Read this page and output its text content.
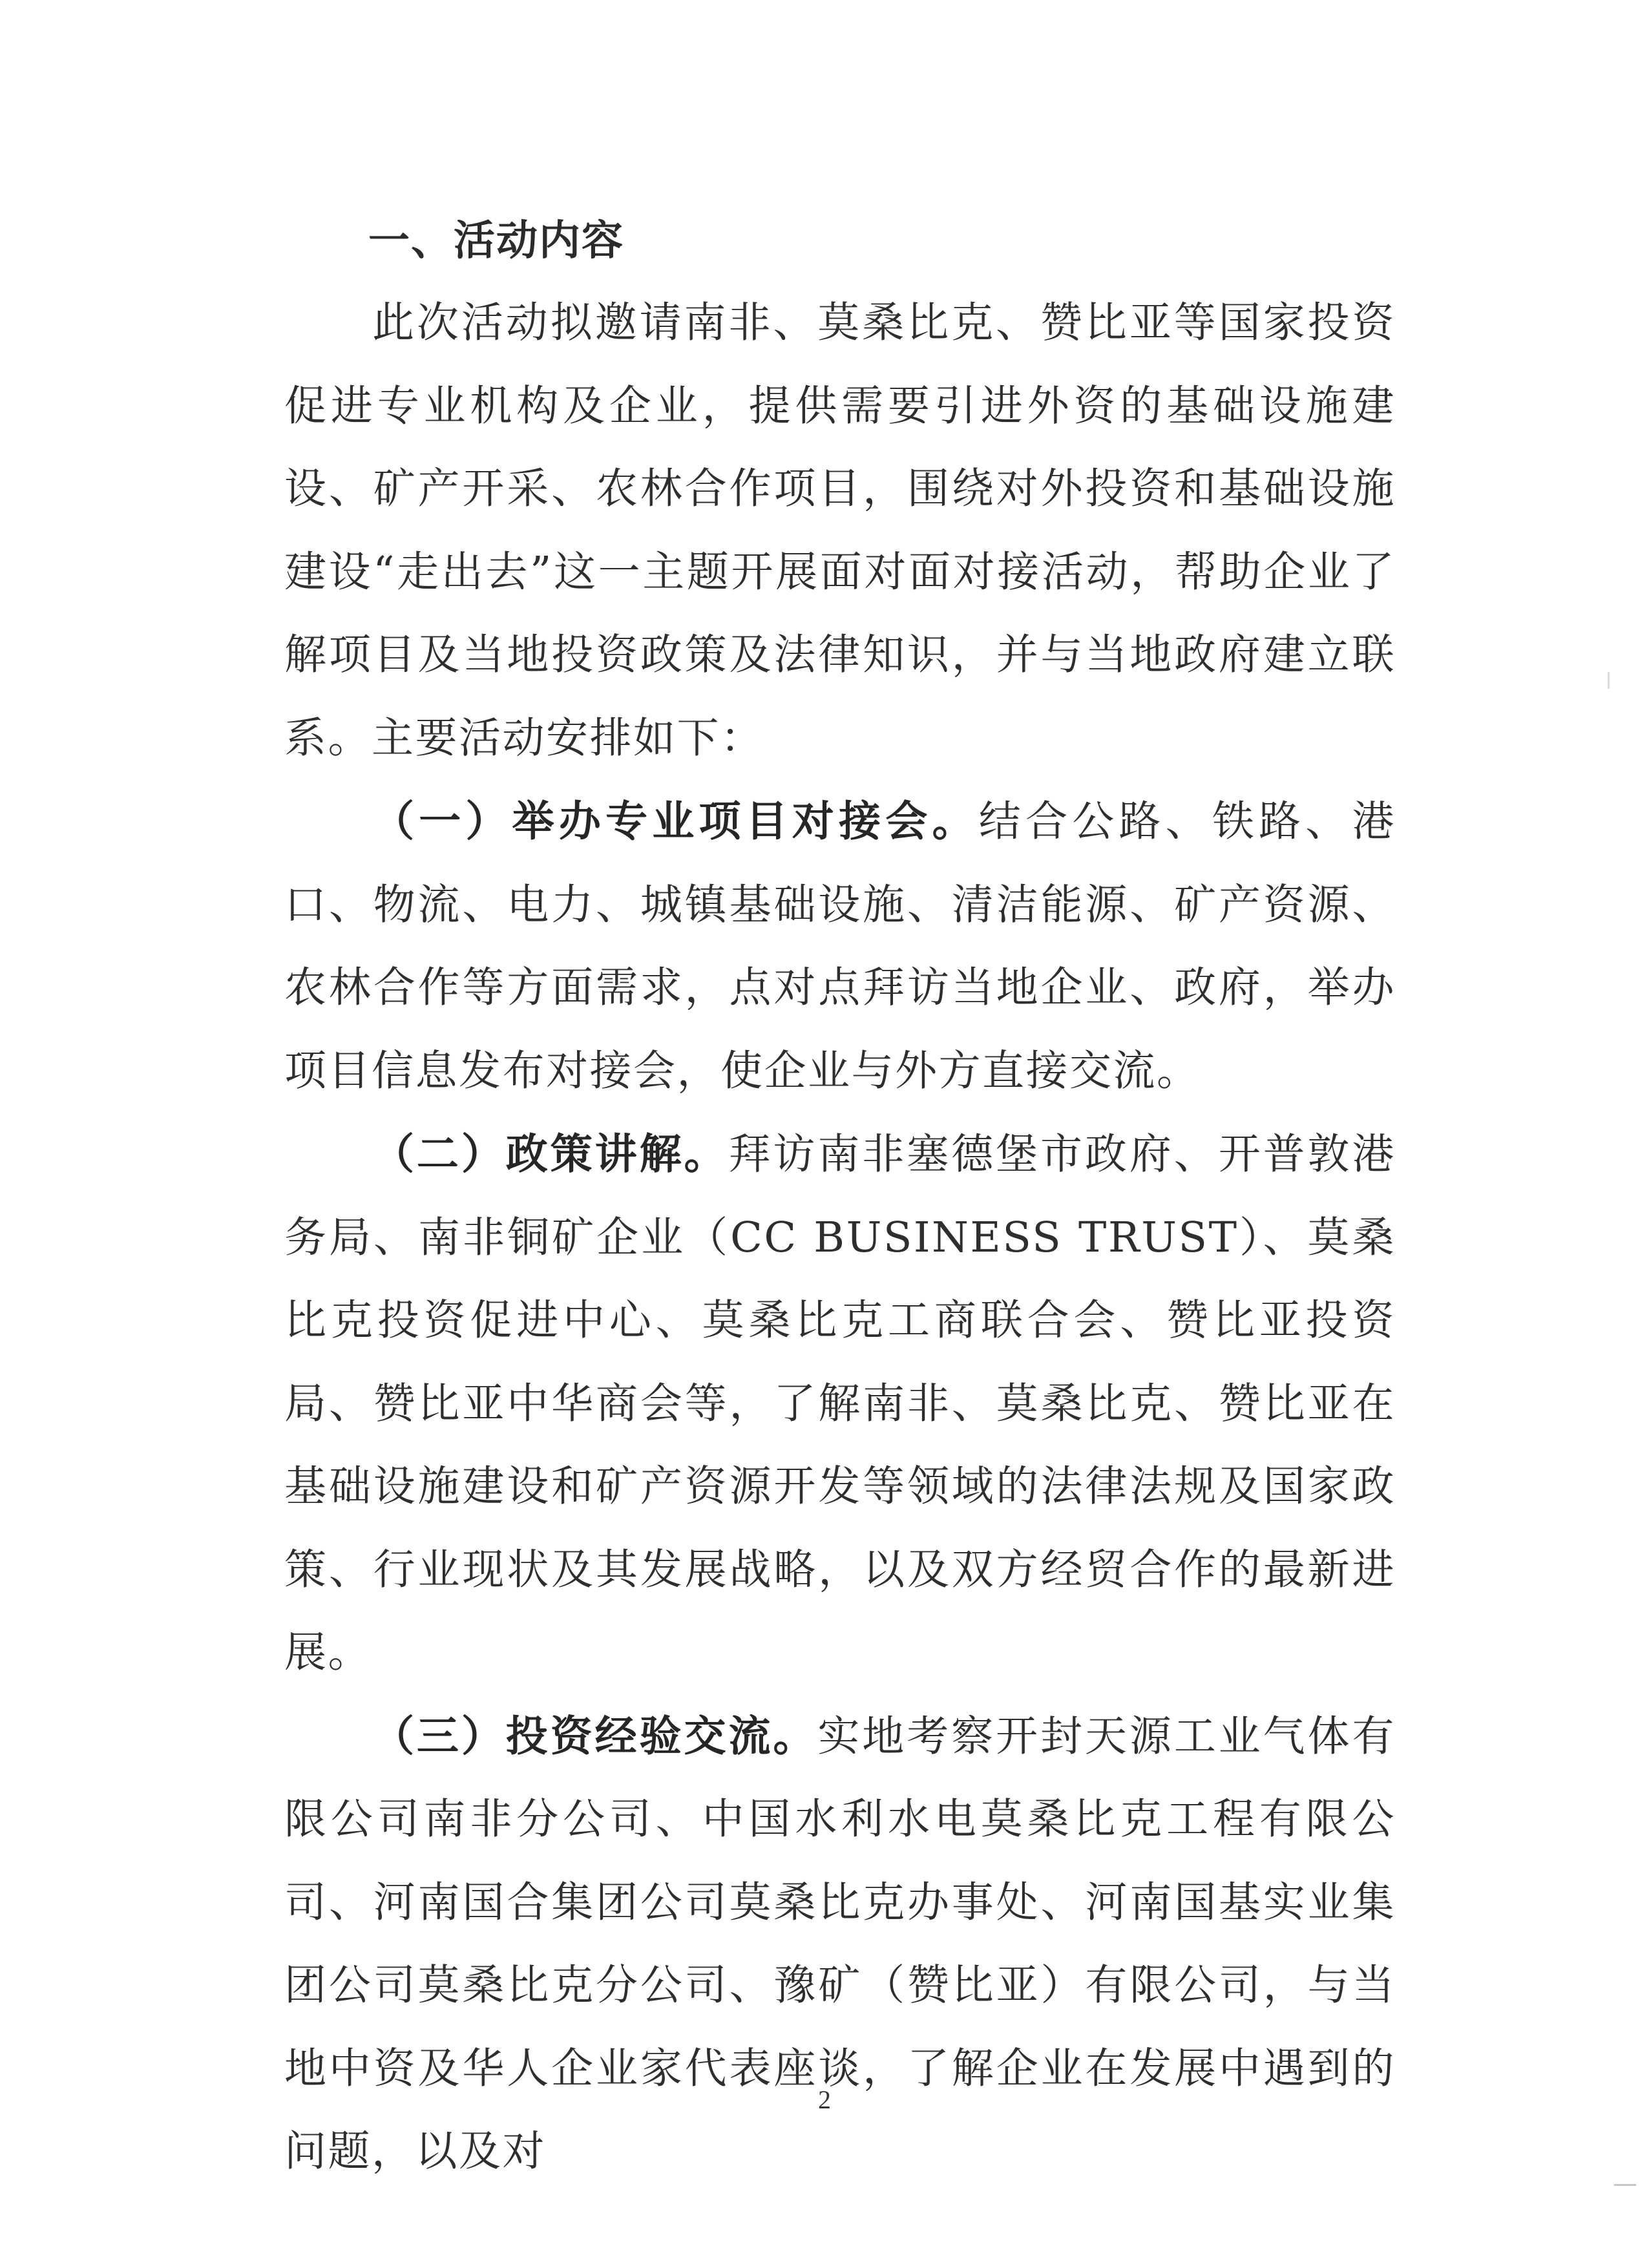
一、活动内容

此次活动拟邀请南非、莫桑比克、赞比亚等国家投资促进专业机构及企业，提供需要引进外资的基础设施建设、矿产开采、农林合作项目，围绕对外投资和基础设施建设“走出去”这一主题开展面对面对接活动，帮助企业了解项目及当地投资政策及法律知识，并与当地政府建立联系。主要活动安排如下：

（一）举办专业项目对接会。结合公路、铁路、港口、物流、电力、城镇基础设施、清洁能源、矿产资源、农林合作等方面需求，点对点拜访当地企业、政府，举办项目信息发布对接会，使企业与外方直接交流。

（二）政策讲解。拜访南非塞德堡市政府、开普敦港务局、南非铜矿企业（CC BUSINESS TRUST）、莫桑比克投资促进中心、莫桑比克工商联合会、赞比亚投资局、赞比亚中华商会等，了解南非、莫桑比克、赞比亚在基础设施建设和矿产资源开发等领域的法律法规及国家政策、行业现状及其发展战略，以及双方经贸合作的最新进展。

（三）投资经验交流。实地考察开封天源工业气体有限公司南非分公司、中国水利水电莫桑比克工程有限公司、河南国合集团公司莫桑比克办事处、河南国基实业集团公司莫桑比克分公司、豫矿（赞比亚）有限公司，与当地中资及华人企业家代表座谈，了解企业在发展中遇到的问题，以及对

2
